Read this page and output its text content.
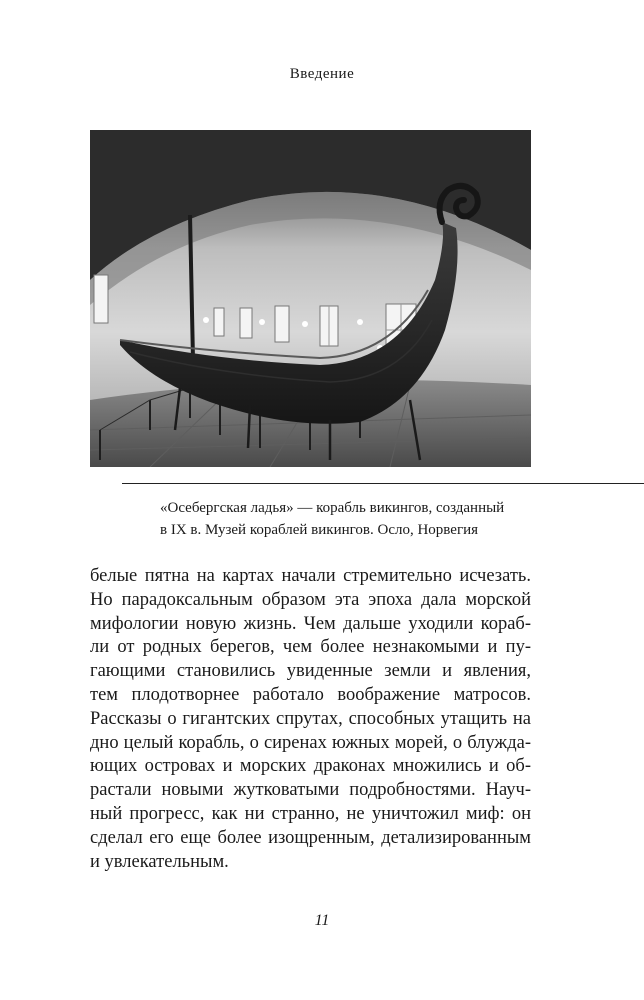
Введение
«Осебергская ладья» — корабль викингов, созданный
в IX в. Музей кораблей викингов. Осло, Норвегия
белые пятна на картах начали стремительно исчезать.
Но парадоксальным образом эта эпоха дала морской
мифологии новую жизнь. Чем дальше уходили кораб-
ли от родных берегов, чем более незнакомыми и пу-
гающими становились увиденные земли и явления,
тем плодотворнее работало воображение матросов.
Рассказы о гигантских спрутах, способных утащить на
дно целый корабль, о сиренах южных морей, о блужда-
ющих островах и морских драконах множились и об-
растали новыми жутковатыми подробностями. Науч-
ный прогресс, как ни странно, не уничтожил миф: он
сделал его еще более изощренным, детализированным
и увлекательным.
11
